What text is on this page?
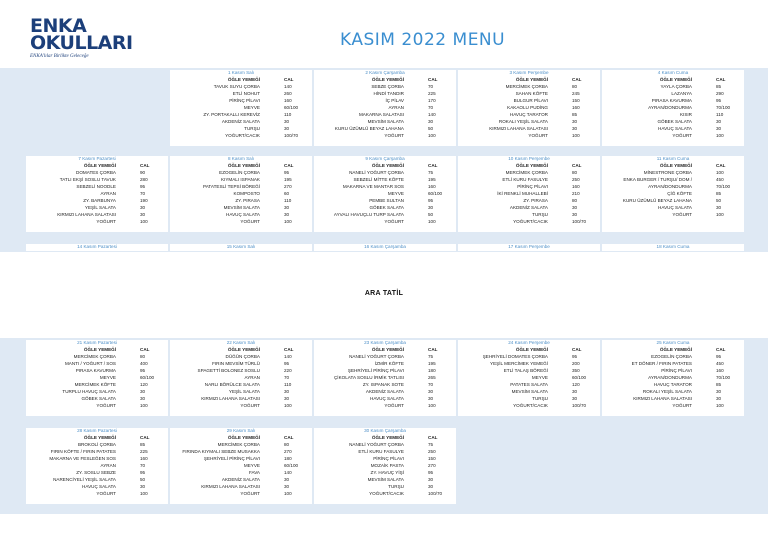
ENKA
OKULLARI
ENKA'lılar Birlikte Geleceğe
KASIM 2022 MENU
1 Kasım Salı
ÖĞLE YEMEĞİ	CAL
TAVUK SUYU ÇORBA	140
ETLİ NOHUT	260
PİRİNÇ PİLAVI	160
MEYVE	60/100
ZY. PORTAKALLI KEREVİZ	110
AKDENİZ SALATA	30
TURŞU	30
YOĞURT/CACIK	100/70
2 Kasım Çarşamba
ÖĞLE YEMEĞİ	CAL
SEBZE ÇORBA	70
HİNDİ TANDIR	225
İÇ PİLAV	170
AYRAN	70
MAKARNA SALATASI	140
MEVSİM SALATA	30
KURU ÜZÜMLÜ BEYAZ LAHANA	50
YOĞURT	100
3 Kasım Perşembe
ÖĞLE YEMEĞİ	CAL
MERCİMEK ÇORBA	80
SAHAN KÖFTE	245
BULGUR PİLAVI	150
KAKAOLU PUDİNG	160
HAVUÇ TARATOR	85
ROKALI YEŞİL SALATA	30
KIRMIZI LAHANA SALATASI	30
YOĞURT	100
4 Kasım Cuma
ÖĞLE YEMEĞİ	CAL
YAYLA ÇORBA	85
LAZANYA	290
PIRASA KAVURMA	95
AYRAN/DONDURMA	70/100
KISIR	110
GÖBEK SALATA	30
HAVUÇ SALATA	30
YOĞURT	100
7 Kasım Pazartesi
ÖĞLE YEMEĞİ	CAL
DOMATES ÇORBA	90
TATLI EKŞİ SOSLU TAVUK	280
SEBZELİ NOODLE	95
AYRAN	70
ZY. BARBUNYA	190
YEŞİL SALATA	30
KIRMIZI LAHANA SALATASI	30
YOĞURT	100
8 Kasım Salı
ÖĞLE YEMEĞİ	CAL
EZOGELİN ÇORBA	95
KIYMALI ISPANAK	195
PATATESLİ TEPSİ BÖREĞİ	270
KOMPOSTO	60
ZY. PIRASA	110
MEVSİM SALATA	30
HAVUÇ SALATA	30
YOĞURT	100
9 Kasım Çarşamba
ÖĞLE YEMEĞİ	CAL
NANELİ YOĞURT ÇORBA	75
SEBZELİ MİTTE KÖFTE	195
MAKARNA VE MANTAR SOS	160
MEYVE	60/100
PEMBE SULTAN	95
GÖBEK SALATA	30
AYVALI HAVUÇLU TURP SALATA	50
YOĞURT	100
10 Kasım Perşembe
ÖĞLE YEMEĞİ	CAL
MERCİMEK ÇORBA	80
ETLİ KURU FASULYE	250
PİRİNÇ PİLAVI	160
İKİ RENKLİ MUHALLEBİ	210
ZY. PIRASA	80
AKDENİZ SALATA	30
TURŞU	30
YOĞURT/CACIK	100/70
11 Kasım Cuma
ÖĞLE YEMEĞİ	CAL
MİNESTRONE ÇORBA	100
ENKA BURGER / TURŞU/ DOM /	450
AYRAN/DONDURMA	70/100
ÇİĞ KÖFTE	85
KURU ÜZÜMLÜ BEYAZ LAHANA	50
HAVUÇ SALATA	30
YOĞURT	100
14 Kasım Pazartesi	15 Kasım Salı	16 Kasım Çarşamba	17 Kasım Perşembe	18 Kasım Cuma
21 Kasım Pazartesi
ÖĞLE YEMEĞİ	CAL
MERCİMEK ÇORBA	80
MANTI / YOĞURT / SOS	400
PIRASA KAVURMA	95
MEYVE	60/100
MERCİMEK KÖFTE	120
TURPLU HAVUÇ SALATA	30
GÖBEK SALATA	30
YOĞURT	100
22 Kasım Salı
ÖĞLE YEMEĞİ	CAL
DÜĞÜN ÇORBA	140
FIRIN MEVSİM TÜRLÜ	95
SPAGETTİ BOLONEZ SOSLU	220
AYRAN	70
NARLI BÖRÜLCE SALATA	110
YEŞİL SALATA	30
KIRMIZI LAHANA SALATASI	30
YOĞURT	100
23 Kasım Çarşamba
ÖĞLE YEMEĞİ	CAL
NANELİ YOĞURT ÇORBA	75
İZMİR KÖFTE	195
ŞEHRİYELİ PİRİNÇ PİLAVI	180
ÇİKOLATA SOSLU İRMİK TATLISI	265
ZY. ISPANAK SOTE	70
AKDENİZ SALATA	30
HAVUÇ SALATA	30
YOĞURT	100
24 Kasım Perşembe
ÖĞLE YEMEĞİ	CAL
ŞEHRİYELİ DOMATES ÇORBA	95
YEŞİL MERCİMEK YEMEĞİ	200
ETLİ TALAŞ BÖREĞİ	350
MEYVE	60/100
PATATES SALATA	120
MEVSİM SALATA	30
TURŞU	30
YOĞURT/CACIK	100/70
25 Kasım Cuma
ÖĞLE YEMEĞİ	CAL
EZOGELİN ÇORBA	95
ET DÖNER / FIRIN PATATES	450
PİRİNÇ PİLAVI	160
AYRAN/DONDURMA	70/100
HAVUÇ TARATOR	85
ROKALI YEŞİL SALATA	30
KIRMIZI LAHANA SALATASI	30
YOĞURT	100
28 Kasım Pazartesi
ÖĞLE YEMEĞİ	CAL
BROKOLİ ÇORBA	85
FIRIN KÖFTE / FIRIN PATATES	225
MAKARNA VE FESLEĞEN SOS	160
AYRAN	70
ZY. SOSLU SEBZE	95
NARENCİYELİ YEŞİL SALATA	50
HAVUÇ SALATA	30
YOĞURT	100
29 Kasım Salı
ÖĞLE YEMEĞİ	CAL
MERCİMEK ÇORBA	80
FIRINDA KIYMALI SEBZE MUSAKKA	270
ŞEHRİYELİ PİRİNÇ PİLAVI	180
MEYVE	60/100
FAVA	140
AKDENİZ SALATA	30
KIRMIZI LAHANA SALATASI	30
YOĞURT	100
30 Kasım Çarşamba
ÖĞLE YEMEĞİ	CAL
NANELİ YOĞURT ÇORBA	75
ETLİ KURU FASULYE	250
PİRİNÇ PİLAVI	150
MOZAİK PASTA	270
ZY. HAVUÇ YİŞİ	95
MEVSİM SALATA	30
TURŞU	30
YOĞURT/CACIK	100/70
ARA TATİL
